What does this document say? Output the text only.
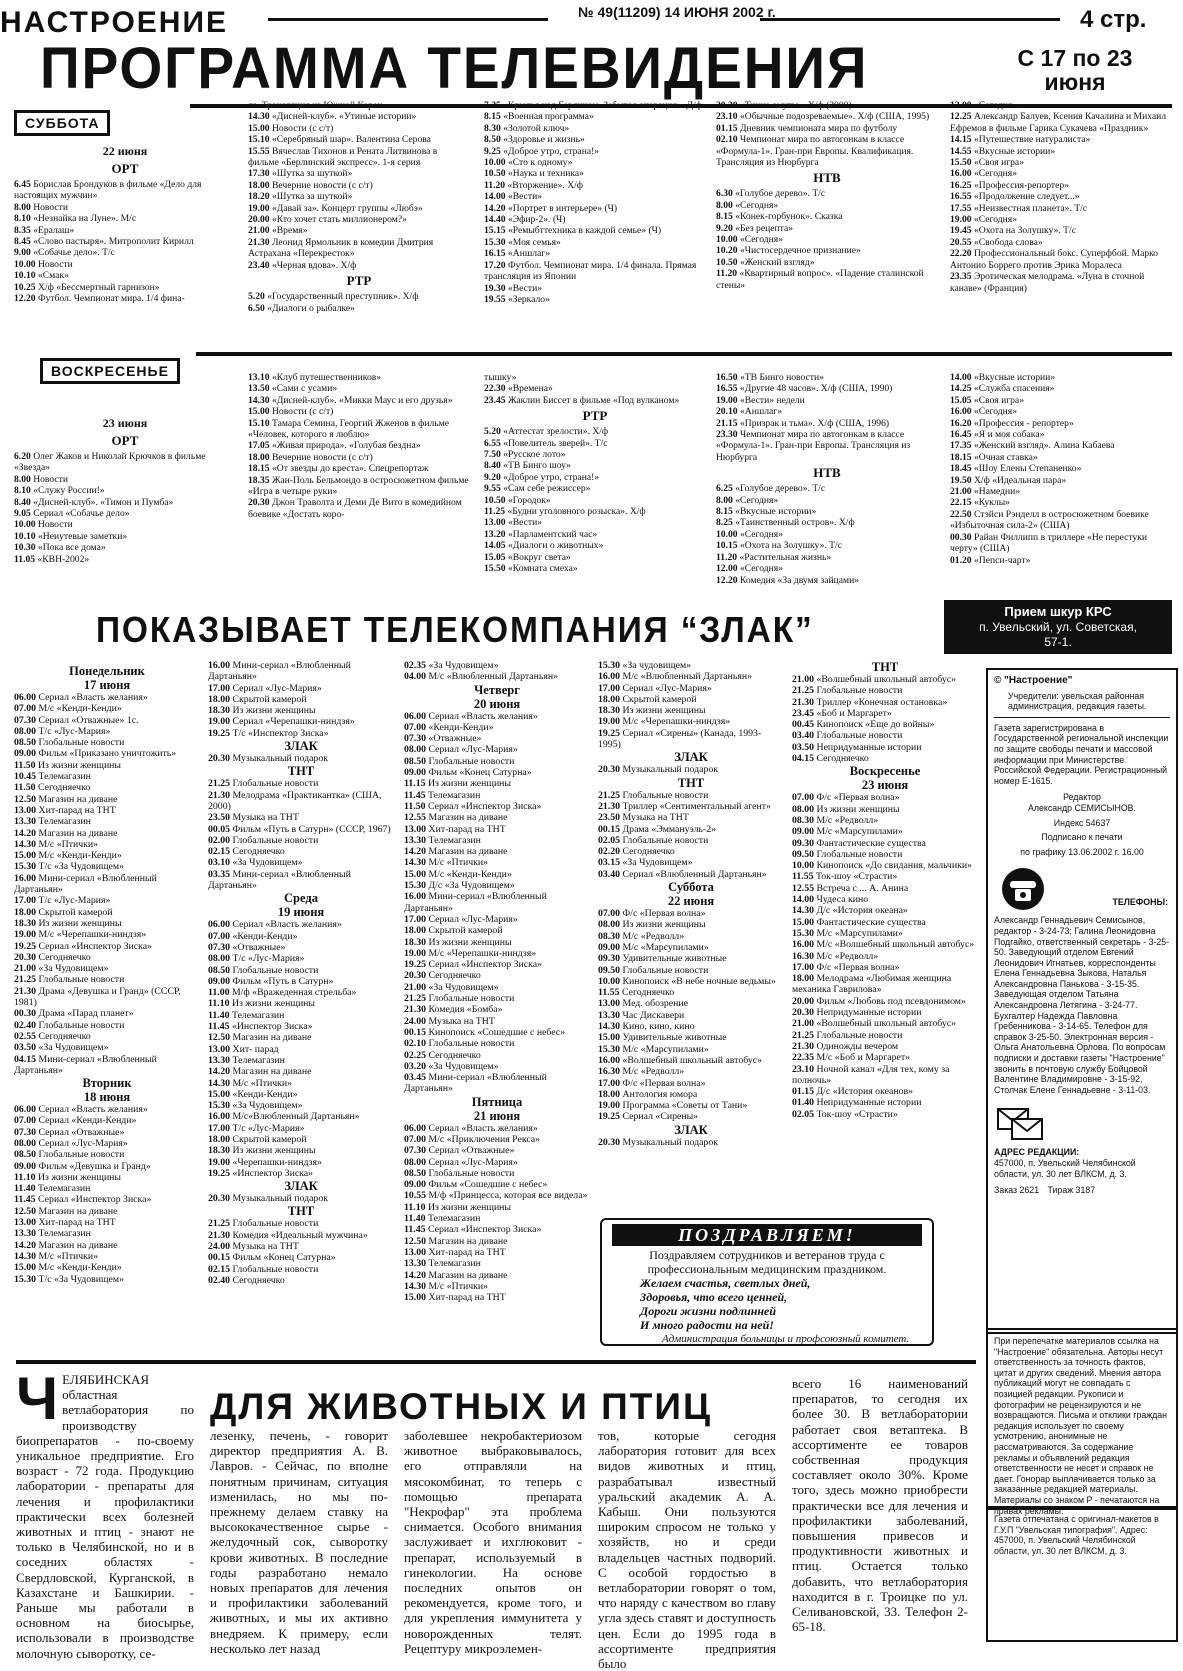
НАСТРОЕНИЕ	№ 49(11209) 14 ИЮНЯ 2002 г.	4 стр.
ПРОГРАММА ТЕЛЕВИДЕНИЯ	С 17 по 23
июня
СУББОТА
22 июня
ОРТ
6.45 Борислав Брондуков в фильме «Дело для настоящих мужчин»
8.00 Новости
8.10 «Незнайка на Луне». М/с
8.35 «Ералаш»
8.45 «Слово пастыря». Митрополит Кирилл
9.00 «Собачье дело». Т/с
10.00 Новости
10.10 «Смак»
10.25 Х/ф «Бессмертный гарнизон»
12.20 Футбол. Чемпионат мира. 1/4 фина-
ла. Трансляция из Южной Кореи
14.30 «Дисней-клуб». «Утиные истории»
15.00 Новости (с с/т)
15.10 «Серебряный шар». Валентина Серова
15.55 Вячеслав Тихонов и Рената Литвинова в фильме «Берлинский экспресс». 1-я серия
17.30 «Шутка за шуткой»
18.00 Вечерние новости (с с/т)
18.20 «Шутка за шуткой»
19.00 «Давай за». Концерт группы «Любэ»
20.00 «Кто хочет стать миллионером?»
21.00 «Время»
21.30 Леонид Ярмольник в комедии Дмитрия Астрахана «Перекресток»
23.40 «Черная вдова». Х/ф
РТР
5.20 «Государственный преступник». Х/ф
6.50 «Диалоги о рыбалке»
7.25 «Крылья над Берлином. Забытая операция». Д/ф
8.15 «Военная программа»
8.30 «Золотой ключ»
8.50 «Здоровье и жизнь»
9.25 «Доброе утро, страна!»
10.00 «Сто к одному»
10.50 «Наука и техника»
11.20 «Вторжение». Х/ф
14.00 «Вести»
14.20 «Портрет в интерьере» (Ч)
14.40 «Эфир-2». (Ч)
15.15 «Ремыбттехника в каждой семье» (Ч)
15.30 «Моя семья»
16.15 «Аншлаг»
17.20 Футбол. Чемпионат мира. 1/4 финала. Прямая трансляция из Японии
19.30 «Вести»
19.55 «Зеркало»
20.30 «Тихие омуты». Х/ф (2000)
23.10 «Обычные подозреваемые». Х/ф (США, 1995)
01.15 Дневник чемпионата мира по футболу
02.10 Чемпионат мира по автогонкам в классе «Формула-1». Гран-при Европы. Квалификация. Трансляция из Нюрбурга
НТВ
6.30 «Голубое дерево». Т/с
8.00 «Сегодня»
8.15 «Конек-горбунок». Сказка
9.20 «Без рецепта»
10.00 «Сегодня»
10.20 «Чистосердечное признание»
10.50 «Женский взгляд»
11.20 «Квартирный вопрос». «Падение сталинской стены»
12.00 «Сегодня»
12.25 Александр Балуев, Ксения Качалина и Михаил Ефремов в фильме Гарика Сукачева «Праздник»
14.15 «Путешествие натуралиста»
14.55 «Вкусные истории»
15.50 «Своя игра»
16.00 «Сегодня»
16.25 «Профессия-репортер»
16.55 «Продолжение следует...»
17.55 «Неизвестная планета». Т/с
19.00 «Сегодня»
19.45 «Охота на Золушку». Т/с
20.55 «Свобода слова»
22.20 Профессиональный бокс. Суперфбой. Марко Антонио Боррего против Эрика Моралеса
23.35 Эротическая мелодрама. «Луна в сточной канаве» (Франция)
ВОСКРЕСЕНЬЕ
23 июня
ОРТ
6.20 Олег Жаков и Николай Крючков в фильме «Звезда»
8.00 Новости
8.10 «Служу России!»
8.40 «Дисней-клуб». «Тимон и Пумба»
9.05 Сериал «Собачье дело»
10.00 Новости
10.10 «Неиутевые заметки»
10.30 «Пока все дома»
11.05 «КВН-2002»
13.10 «Клуб путешественников»
13.50 «Сами с усами»
14.30 «Дисней-клуб». «Микки Маус и его друзья»
15.00 Новости (с с/т)
15.10 Тамара Семина, Георгий Жженов в фильме «Человек, которого я люблю»
17.05 «Живая природа». «Голубая бездна»
18.00 Вечерние новости (с с/т)
18.15 «От звезды до креста». Спецрепортаж
18.35 Жан-Поль Бельмондо в остросюжетном фильме «Игра в четыре руки»
20.30 Джон Траволта и Деми Де Вито в комедийном боевике «Достать коро-
тышку»
22.30 «Времена»
23.45 Жаклин Биссет в фильме «Под вулканом»
РТР
5.20 «Аттестат зрелости». Х/ф
6.55 «Повелитель зверей». Т/с
7.50 «Русское лото»
8.40 «ТВ Бинго шоу»
9.20 «Доброе утро, страна!»
9.55 «Сам себе режиссер»
10.50 «Городок»
11.25 «Будни уголовного розыска». Х/ф
13.00 «Вести»
13.20 «Парламентский час»
14.05 «Диалоги о животных»
15.05 «Вокруг света»
15.50 «Комната смеха»
16.50 «ТВ Бинго новости»
16.55 «Другие 48 часов». Х/ф (США, 1990)
19.00 «Вести» недели
20.10 «Аншлаг»
21.15 «Призрак и тьма». Х/ф (США, 1996)
23.30 Чемпионат мира по автогонкам в классе «Формула-1». Гран-при Европы. Трансляция из Нюрбурга
НТВ
6.25 «Голубое дерево». Т/с
8.00 «Сегодня»
8.15 «Вкусные истории»
8.25 «Таинственный остров». Х/ф
10.00 «Сегодня»
10.15 «Охота на Золушку». Т/с
11.20 «Растительная жизнь»
12.00 «Сегодня»
12.20 Комедия «За двумя зайцами»
14.00 «Вкусные истории»
14.25 «Служба спасения»
15.05 «Своя игра»
16.00 «Сегодня»
16.20 «Профессия - репортер»
16.45 «Я и моя собака»
17.35 «Женский взгляд». Алина Кабаева
18.15 «Очная ставка»
18.45 «Шоу Елены Степаненко»
19.50 Х/ф «Идеальная пара»
21.00 «Намедни»
22.15 «Куклы»
22.50 Стэйси Рэнделл в остросюжетном боевике «Избыточная сила-2» (США)
00.30 Райан Филлипп в триллере «Не перестуки черту» (США)
01.20 «Пепси-чарт»
ПОКАЗЫВАЕТ ТЕЛЕКОМПАНИЯ “ЗЛАК”
Понедельник
17 июня
06.00 Сериал «Власть желания»
07.00 М/с «Кенди-Кенди»
07.30 Сериал «Отважные» 1с.
08.00 Т/с «Лус-Мария»
08.50 Глобальные новости
09.00 Фильм «Приказано уничтожить»
11.50 Из жизни женщины
10.45 Телемагазин
11.50 Сегодняечко
12.50 Магазин на диване
13.00 Хит-парад на ТНТ
13.30 Телемагазин
14.20 Магазин на диване
14.30 М/с «Птички»
15.00 М/с «Кенди-Кенди»
15.30 Т/с «За Чудовищем»
16.00 Мини-сериал «Влюбленный Дартаньян»
17.00 Т/с «Лус-Мария»
18.00 Скрытой камерой
18.30 Из жизни женщины
19.00 М/с «Черепашки-ниндзя»
19.25 Сериал «Инспектор Зиска»
20.30 Сегодняечко
21.00 «За Чудовищем»
21.25 Глобальные новости
21.30 Драма «Девушка и Гранд» (СССР, 1981)
00.30 Драма «Парад планет»
02.40 Глобальные новости
02.55 Сегодняечко
03.50 «За Чудовищем»
04.15 Мини-сериал «Влюбленный Дартаньян»
Вторник
18 июня
06.00 Сериал «Власть желания»
07.00 Сериал «Кенди-Кенди»
07.30 Сериал «Отважные»
08.00 Сериал «Лус-Мария»
08.50 Глобальные новости
09.00 Фильм «Девушка и Гранд»
11.10 Из жизни женщины
11.40 Телемагазин
11.45 Сериал «Инспектор Зиска»
12.50 Магазин на диване
13.00 Хит-парад на ТНТ
13.30 Телемагазин
14.20 Магазин на диване
14.30 М/с «Птички»
15.00 М/с «Кенди-Кенди»
15.30 Т/с «За Чудовищем»
16.00 Мини-сериал «Влюбленный Дартаньян»
17.00 Сериал «Лус-Мария»
18.00 Скрытой камерой
18.30 Из жизни женщины
19.00 Сериал «Черепашки-ниндзя»
19.25 Т/с «Инспектор Зиска»
ЗЛАК
20.30 Музыкальный подарок
ТНТ
21.25 Глобальные новости
21.30 Мелодрама «Практикантка» (США, 2000)
23.50 Музыка на ТНТ
00.05 Фильм «Путь в Сатурн» (СССР, 1967)
02.00 Глобальные новости
02.15 Сегодняечко
03.10 «За Чудовищем»
03.35 Мини-сериал «Влюбленный Дартаньян»
Среда
19 июня
06.00 Сериал «Власть желания»
07.00 «Кенди-Кенди»
07.30 «Отважные»
08.00 Т/с «Лус-Мария»
08.50 Глобальные новости
09.00 Фильм «Путь в Сатурн»
11.00 М/ф «Вражеденная стрельба»
11.10 Из жизни женщины
11.40 Телемагазин
11.45 «Инспектор Зиска»
12.50 Магазин на диване
13.00 Хит- парад
13.30 Телемагазин
14.20 Магазин на диване
14.30 М/с «Птички»
15.00 «Кенди-Кенди»
15.30 «За Чудовищем»
16.00 М/с«Влюбленный Дартаньян»
17.00 Т/с «Лус-Мария»
18.00 Скрытой камерой
18.30 Из жизни женщины
19.00 «Черепашки-ниндзя»
19.25 «Инспектор Зиска»
ЗЛАК
20.30 Музыкальный подарок
ТНТ
21.25 Глобальные новости
21.30 Комедия «Идеальный мужчина»
24.00 Музыка на ТНТ
00.15 Фильм «Конец Сатурна»
02.15 Глобальные новости
02.40 Сегодняечко
02.35 «За Чудовищем»
04.00 М/с «Влюбленный Дартаньян»
Четверг
20 июня
06.00 Сериал «Власть желания»
07.00 «Кенди-Кенди»
07.30 «Отважные»
08.00 Сериал «Лус-Мария»
08.50 Глобальные новости
09.00 Фильм «Конец Сатурна»
11.15 Из жизни женщины
11.45 Телемагазин
11.50 Сериал «Инспектор Зиска»
12.55 Магазин на диване
13.00 Хит-парад на ТНТ
13.30 Телемагазин
14.20 Магазин на диване
14.30 М/с «Птички»
15.00 М/с «Кенди-Кенди»
15.30 Д/с «За Чудовищем»
16.00 Мини-сериал «Влюбленный Дартаньян»
17.00 Сериал «Лус-Мария»
18.00 Скрытой камерой
18.30 Из жизни женщины
19.00 М/с «Черепашки-ниндзя»
19.25 Сериал «Инспектор Зиска»
20.30 Сегодняечко
21.00 «За Чудовищем»
21.25 Глобальные новости
21.30 Комедия «Бомба»
24.00 Музыка на ТНТ
00.15 Кинопоиск «Сошедшие с небес»
02.10 Глобальные новости
02.25 Сегодняечко
03.20 «За Чудовищем»
03.45 Мини-сериал «Влюбленный Дартаньян»
Пятница
21 июня
06.00 Сериал «Власть желания»
07.00 М/с «Приключения Рекса»
07.30 Сериал «Отважные»
08.00 Сериал «Лус-Мария»
08.50 Глобальные новости
09.00 Фильм «Сошедшие с небес»
10.55 М/ф «Принцесса, которая все видела»
11.10 Из жизни женщины
11.40 Телемагазин
11.45 Сериал «Инспектор Зиска»
12.50 Магазин на диване
13.00 Хит-парад на ТНТ
13.30 Телемагазин
14.20 Магазин на диване
14.30 М/с «Птички»
15.00 Хит-парад на ТНТ
15.30 «За чудовищем»
16.00 М/с «Влюбленный Дартаньян»
17.00 Сериал «Лус-Мария»
18.00 Скрытой камерой
18.30 Из жизни женщины
19.00 М/с «Черепашки-ниндзя»
19.25 Сериал «Сирены» (Канада, 1993-1995)
ЗЛАК
20.30 Музыкальный подарок
ТНТ
21.25 Глобальные новости
21.30 Триллер «Сентиментальный агент»
23.50 Музыка на ТНТ
00.15 Драма «Эммануэль-2»
02.05 Глобальные новости
02.20 Сегодняечко
03.15 «За Чудовищем»
03.40 Сериал «Влюбленный Дартаньян»
Суббота
22 июня
07.00 Ф/с «Первая волна»
08.00 Из жизни женщины
08.30 М/с «Редволл»
09.00 М/с «Марсупилами»
09.30 Удивительные животные
09.50 Глобальные новости
10.00 Кинопоиск «В небе ночные ведьмы»
11.55 Сегодняечко
13.00 Мед. обозрение
13.30 Час Дискавери
14.30 Кино, кино, кино
15.00 Удивительные животные
15.30 М/с «Марсупилами»
16.00 «Волшебный школьный автобус»
16.30 М/с «Редволл»
17.00 Ф/с «Первая волна»
18.00 Антология юмора
19.00 Программа «Советы от Тани»
19.25 Сериал «Сирены»
ЗЛАК
20.30 Музыкальный подарок
ТНТ
21.00 «Волшебный школьный автобус»
21.25 Глобальные новости
21.30 Триллер «Конечная остановка»
23.45 «Боб и Маргарет»
00.45 Кинопоиск «Еще до войны»
03.40 Глобальные новости
03.50 Непридуманные истории
04.15 Сегодняечко
Воскресенье
23 июня
07.00 Ф/с «Первая волна»
08.00 Из жизни женщины
08.30 М/с «Редволл»
09.00 М/с «Марсупилами»
09.30 Фантастические существа
09.50 Глобальные новости
10.00 Кинопоиск «До свидания, мальчики»
11.55 Ток-шоу «Страсти»
12.55 Встреча с ... А. Анина
14.00 Чудеса кино
14.30 Д/с «История океана»
15.00 Фантастические существа
15.30 М/с «Марсупилами»
16.00 М/с «Волшебный школьный автобус»
16.30 М/с «Редволл»
17.00 Ф/с «Первая волна»
18.00 Мелодрама «Любимая женщина механика Гаврилова»
20.00 Фильм «Любовь под псевдонимом»
20.30 Непридуманные истории
21.00 «Волшебный школьный автобус»
21.25 Глобальные новости
21.30 Одиножды вечером
22.35 М/с «Боб и Маргарет»
23.10 Ночной канал «Для тех, кому за полночь»
01.15 Д/с «История океанов»
01.40 Непридуманные истории
02.05 Ток-шоу «Страсти»
Прием шкур КРС
п. Увельский, ул. Советская,
57-1.
© "Настроение"
Учредители: увельская районная администрация, редакция газеты.
Газета зарегистрирована в Государственной региональной инспекции по защите свободы печати и массовой информации при Министерстве Российской Федерации. Регистрационный номер Е-1615.
Редактор
Александр СЕМИСЫНОВ.
Индекс 54637
Подписано к печати
по графику 13.06.2002 г. 16.00
ТЕЛЕФОНЫ:
Александр Геннадьевич Семисынов, редактор - 3-24-73; Галина Леонидовна Подгайко, ответственный секретарь - 3-25-50. Заведующий отделом Евгений Леонидович Игнатьев, корреспонденты Елена Геннадьевна Зыкова, Наталья Александровна Панькова - 3-15-35. Заведующая отделом Татьяна Александровна Летягина - 3-24-77. Бухгалтер Надежда Павловна Гребенникова - 3-14-65. Телефон для справок 3-25-50. Электронная версия - Ольга Анатольевна Орлова. По вопросам подписки и доставки газеты "Настроение" звонить в почтовую службу Бойцовой Валентине Владимировне - 3-15-92, Столчак Елене Геннадьевне - 3-11-03.
АДРЕС РЕДАКЦИИ:
457000, п. Увельский Челябинской области, ул. 30 лет ВЛКСМ, д. 3.
Заказ 2621 Тираж 3187
При перепечатке материалов ссылка на "Настроение" обязательна. Авторы несут ответственность за точность фактов, цитат и других сведений. Мнения автора публикаций могут не совпадать с позицией редакции. Рукописи и фотографии не рецензируются и не возвращаются. Письма и отклики граждан редакция использует по своему усмотрению, анонимные не рассматриваются. За содержание рекламы и объявлений редакция ответственности не несет и справок не дает. Гонорар выплачивается только за заказанные редакцией материалы. Материалы со знаком Р - печатаются на правах рекламы.
Газета отпечатана с оригинал-макетов в Г.У.П "Увельская типография". Адрес: 457000, п. Увельский Челябинской области, ул. 30 лет ВЛКСМ, д. 3.
ПОЗДРАВЛЯЕМ!
Поздравляем сотрудников и ветеранов труда с профессиональным медицинским праздником.
Желаем счастья, светлых дней,
Здоровья, что всего ценней,
Дороги жизни подлинней
И много радости на ней!
Администрация больницы и профсоюзный комитет.
ДЛЯ ЖИВОТНЫХ И ПТИЦ
ЧЕЛЯБИНСКАЯ областная ветлаборатория по производству биопрепаратов - по-своему уникальное предприятие. Его возраст - 72 года. Продукцию лаборатории - препараты для лечения и профилактики практически всех болезней животных и птиц - знают не только в Челябинской, но и в соседних областях - Свердловской, Курганской, в Казахстане и Башкирии. - Раньше мы работали в основном на биосырье, использовали в производстве молочную сыворотку, се-
лезенку, печень, - говорит директор предприятия А. В. Лавров. - Сейчас, по вполне понятным причинам, ситуация изменилась, но мы по-прежнему делаем ставку на высококачественное сырье - желудочный сок, сыворотку крови животных. В последние годы разработано немало новых препаратов для лечения и профилактики заболеваний животных, и мы их активно внедряем. К примеру, если несколько лет назад
заболевшее некробактериозом животное выбраковывалось, его отправляли на мясокомбинат, то теперь с помощью препарата "Некрофар" эта проблема снимается. Особого внимания заслуживает и ихглюковит - препарат, используемый в гинекологии. На основе последних опытов он рекомендуется, кроме того, и для укрепления иммунитета у новорожденных телят. Рецептуру микроэлемен-
тов, которые сегодня лаборатория готовит для всех видов животных и птиц, разрабатывал известный уральский академик А. А. Кабыш. Они пользуются широким спросом не только у хозяйств, но и среди владельцев частных подворий. С особой гордостью в ветлаборатории говорят о том, что наряду с качеством во главу угла здесь ставят и доступность цен. Если до 1995 года в ассортименте предприятия было
всего 16 наименований препаратов, то сегодня их более 30. В ветлаборатории работает своя ветаптека. В ассортименте ее товаров собственная продукция составляет около 30%. Кроме того, здесь можно приобрести практически все для лечения и профилактики заболеваний, повышения привесов и продуктивности животных и птиц. Остается только добавить, что ветлаборатория находится в г. Троицке по ул. Селивановской, 33. Телефон 2-65-18.
